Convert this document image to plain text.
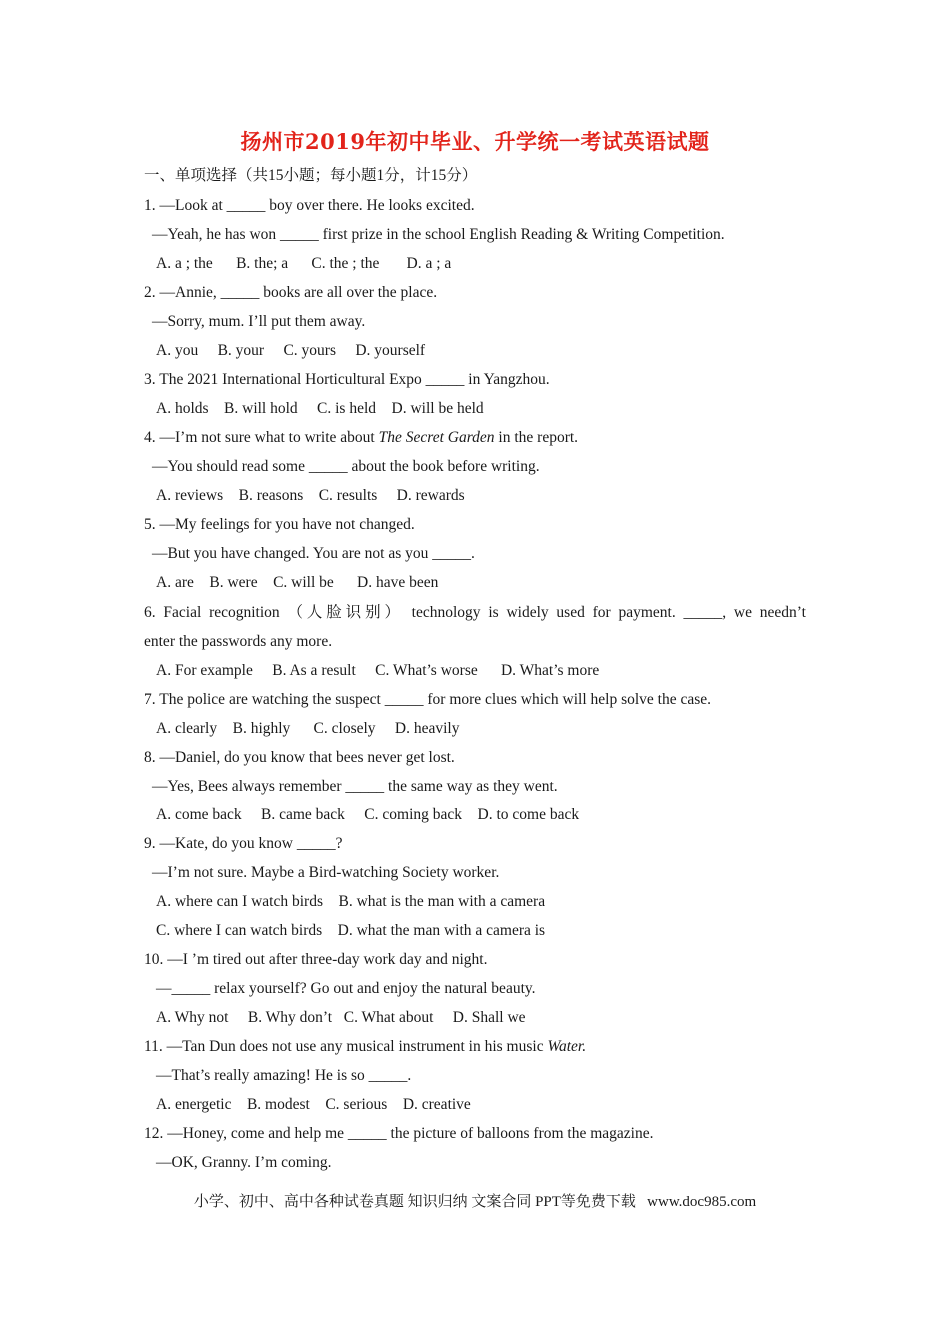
扬州市2019年初中毕业、升学统一考试英语试题
一、单项选择（共15小题；每小题1分，计15分）
1. —Look at _____ boy over there. He looks excited.
—Yeah, he has won _____ first prize in the school English Reading & Writing Competition.
A. a ; the      B. the; a      C. the ; the       D. a ; a
2. —Annie, _____ books are all over the place.
—Sorry, mum. I’ll put them away.
A. you     B. your     C. yours     D. yourself
3. The 2021 International Horticultural Expo _____ in Yangzhou.
A. holds    B. will hold     C. is held    D. will be held
4. —I’m not sure what to write about The Secret Garden in the report.
—You should read some _____ about the book before writing.
A. reviews    B. reasons    C. results     D. rewards
5. —My feelings for you have not changed.
—But you have changed. You are not as you _____.
A. are    B. were    C. will be      D. have been
6. Facial recognition （人脸识别） technology is widely used for payment. _____, we needn’t
enter the passwords any more.
A. For example     B. As a result     C. What’s worse      D. What’s more
7. The police are watching the suspect _____ for more clues which will help solve the case.
A. clearly    B. highly      C. closely     D. heavily
8. —Daniel, do you know that bees never get lost.
—Yes, Bees always remember _____ the same way as they went.
A. come back     B. came back     C. coming back    D. to come back
9. —Kate, do you know _____?
—I’m not sure. Maybe a Bird-watching Society worker.
A. where can I watch birds    B. what is the man with a camera
C. where I can watch birds    D. what the man with a camera is
10. —I ’m tired out after three-day work day and night.
—_____ relax yourself? Go out and enjoy the natural beauty.
A. Why not     B. Why don’t   C. What about     D. Shall we
11. —Tan Dun does not use any musical instrument in his music Water.
—That’s really amazing! He is so _____.
A. energetic    B. modest    C. serious    D. creative
12. —Honey, come and help me _____ the picture of balloons from the magazine.
—OK, Granny. I’m coming.
小学、初中、高中各种试卷真题 知识归纳 文案合同 PPT等免费下载   www.doc985.com
